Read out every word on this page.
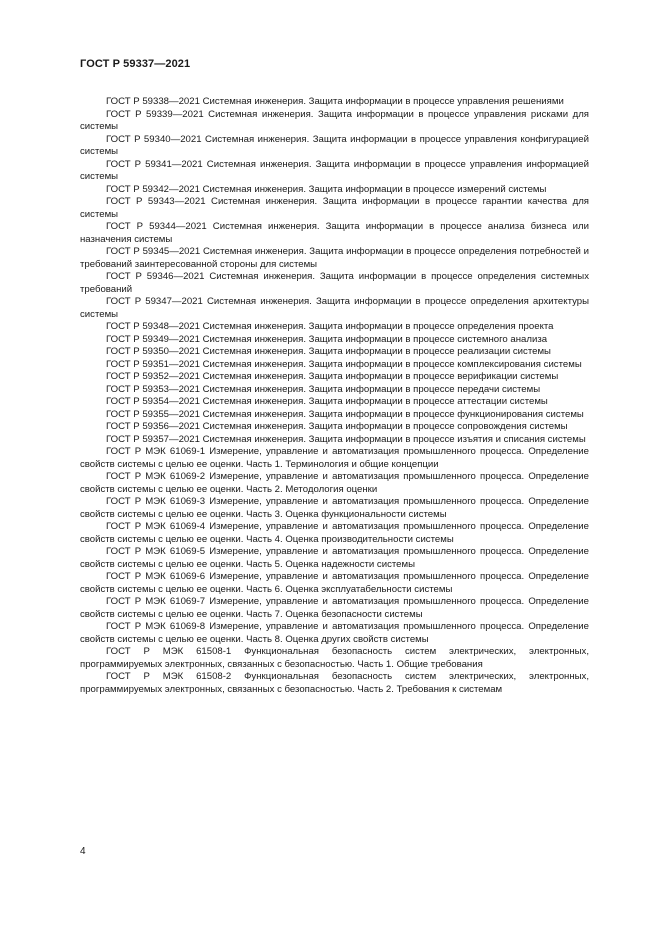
ГОСТ Р 59337—2021

ГОСТ Р 59338—2021 Системная инженерия. Защита информации в процессе управления решениями

ГОСТ Р 59339—2021 Системная инженерия. Защита информации в процессе управления рисками для системы

ГОСТ Р 59340—2021 Системная инженерия. Защита информации в процессе управления конфигурацией системы

ГОСТ Р 59341—2021 Системная инженерия. Защита информации в процессе управления информацией системы

ГОСТ Р 59342—2021 Системная инженерия. Защита информации в процессе измерений системы

ГОСТ Р 59343—2021 Системная инженерия. Защита информации в процессе гарантии качества для системы

ГОСТ Р 59344—2021 Системная инженерия. Защита информации в процессе анализа бизнеса или назначения системы

ГОСТ Р 59345—2021 Системная инженерия. Защита информации в процессе определения потребностей и требований заинтересованной стороны для системы

ГОСТ Р 59346—2021 Системная инженерия. Защита информации в процессе определения системных требований

ГОСТ Р 59347—2021 Системная инженерия. Защита информации в процессе определения архитектуры системы

ГОСТ Р 59348—2021 Системная инженерия. Защита информации в процессе определения проекта

ГОСТ Р 59349—2021 Системная инженерия. Защита информации в процессе системного анализа

ГОСТ Р 59350—2021 Системная инженерия. Защита информации в процессе реализации системы

ГОСТ Р 59351—2021 Системная инженерия. Защита информации в процессе комплексирования системы

ГОСТ Р 59352—2021 Системная инженерия. Защита информации в процессе верификации системы

ГОСТ Р 59353—2021 Системная инженерия. Защита информации в процессе передачи системы

ГОСТ Р 59354—2021 Системная инженерия. Защита информации в процессе аттестации системы

ГОСТ Р 59355—2021 Системная инженерия. Защита информации в процессе функционирования системы

ГОСТ Р 59356—2021 Системная инженерия. Защита информации в процессе сопровождения системы

ГОСТ Р 59357—2021 Системная инженерия. Защита информации в процессе изъятия и списания системы

ГОСТ Р МЭК 61069-1 Измерение, управление и автоматизация промышленного процесса. Определение свойств системы с целью ее оценки. Часть 1. Терминология и общие концепции

ГОСТ Р МЭК 61069-2 Измерение, управление и автоматизация промышленного процесса. Определение свойств системы с целью ее оценки. Часть 2. Методология оценки

ГОСТ Р МЭК 61069-3 Измерение, управление и автоматизация промышленного процесса. Определение свойств системы с целью ее оценки. Часть 3. Оценка функциональности системы

ГОСТ Р МЭК 61069-4 Измерение, управление и автоматизация промышленного процесса. Определение свойств системы с целью ее оценки. Часть 4. Оценка производительности системы

ГОСТ Р МЭК 61069-5 Измерение, управление и автоматизация промышленного процесса. Определение свойств системы с целью ее оценки. Часть 5. Оценка надежности системы

ГОСТ Р МЭК 61069-6 Измерение, управление и автоматизация промышленного процесса. Определение свойств системы с целью ее оценки. Часть 6. Оценка эксплуатабельности системы

ГОСТ Р МЭК 61069-7 Измерение, управление и автоматизация промышленного процесса. Определение свойств системы с целью ее оценки. Часть 7. Оценка безопасности системы

ГОСТ Р МЭК 61069-8 Измерение, управление и автоматизация промышленного процесса. Определение свойств системы с целью ее оценки. Часть 8. Оценка других свойств системы

ГОСТ Р МЭК 61508-1 Функциональная безопасность систем электрических, электронных, программируемых электронных, связанных с безопасностью. Часть 1. Общие требования

ГОСТ Р МЭК 61508-2 Функциональная безопасность систем электрических, электронных, программируемых электронных, связанных с безопасностью. Часть 2. Требования к системам

4
